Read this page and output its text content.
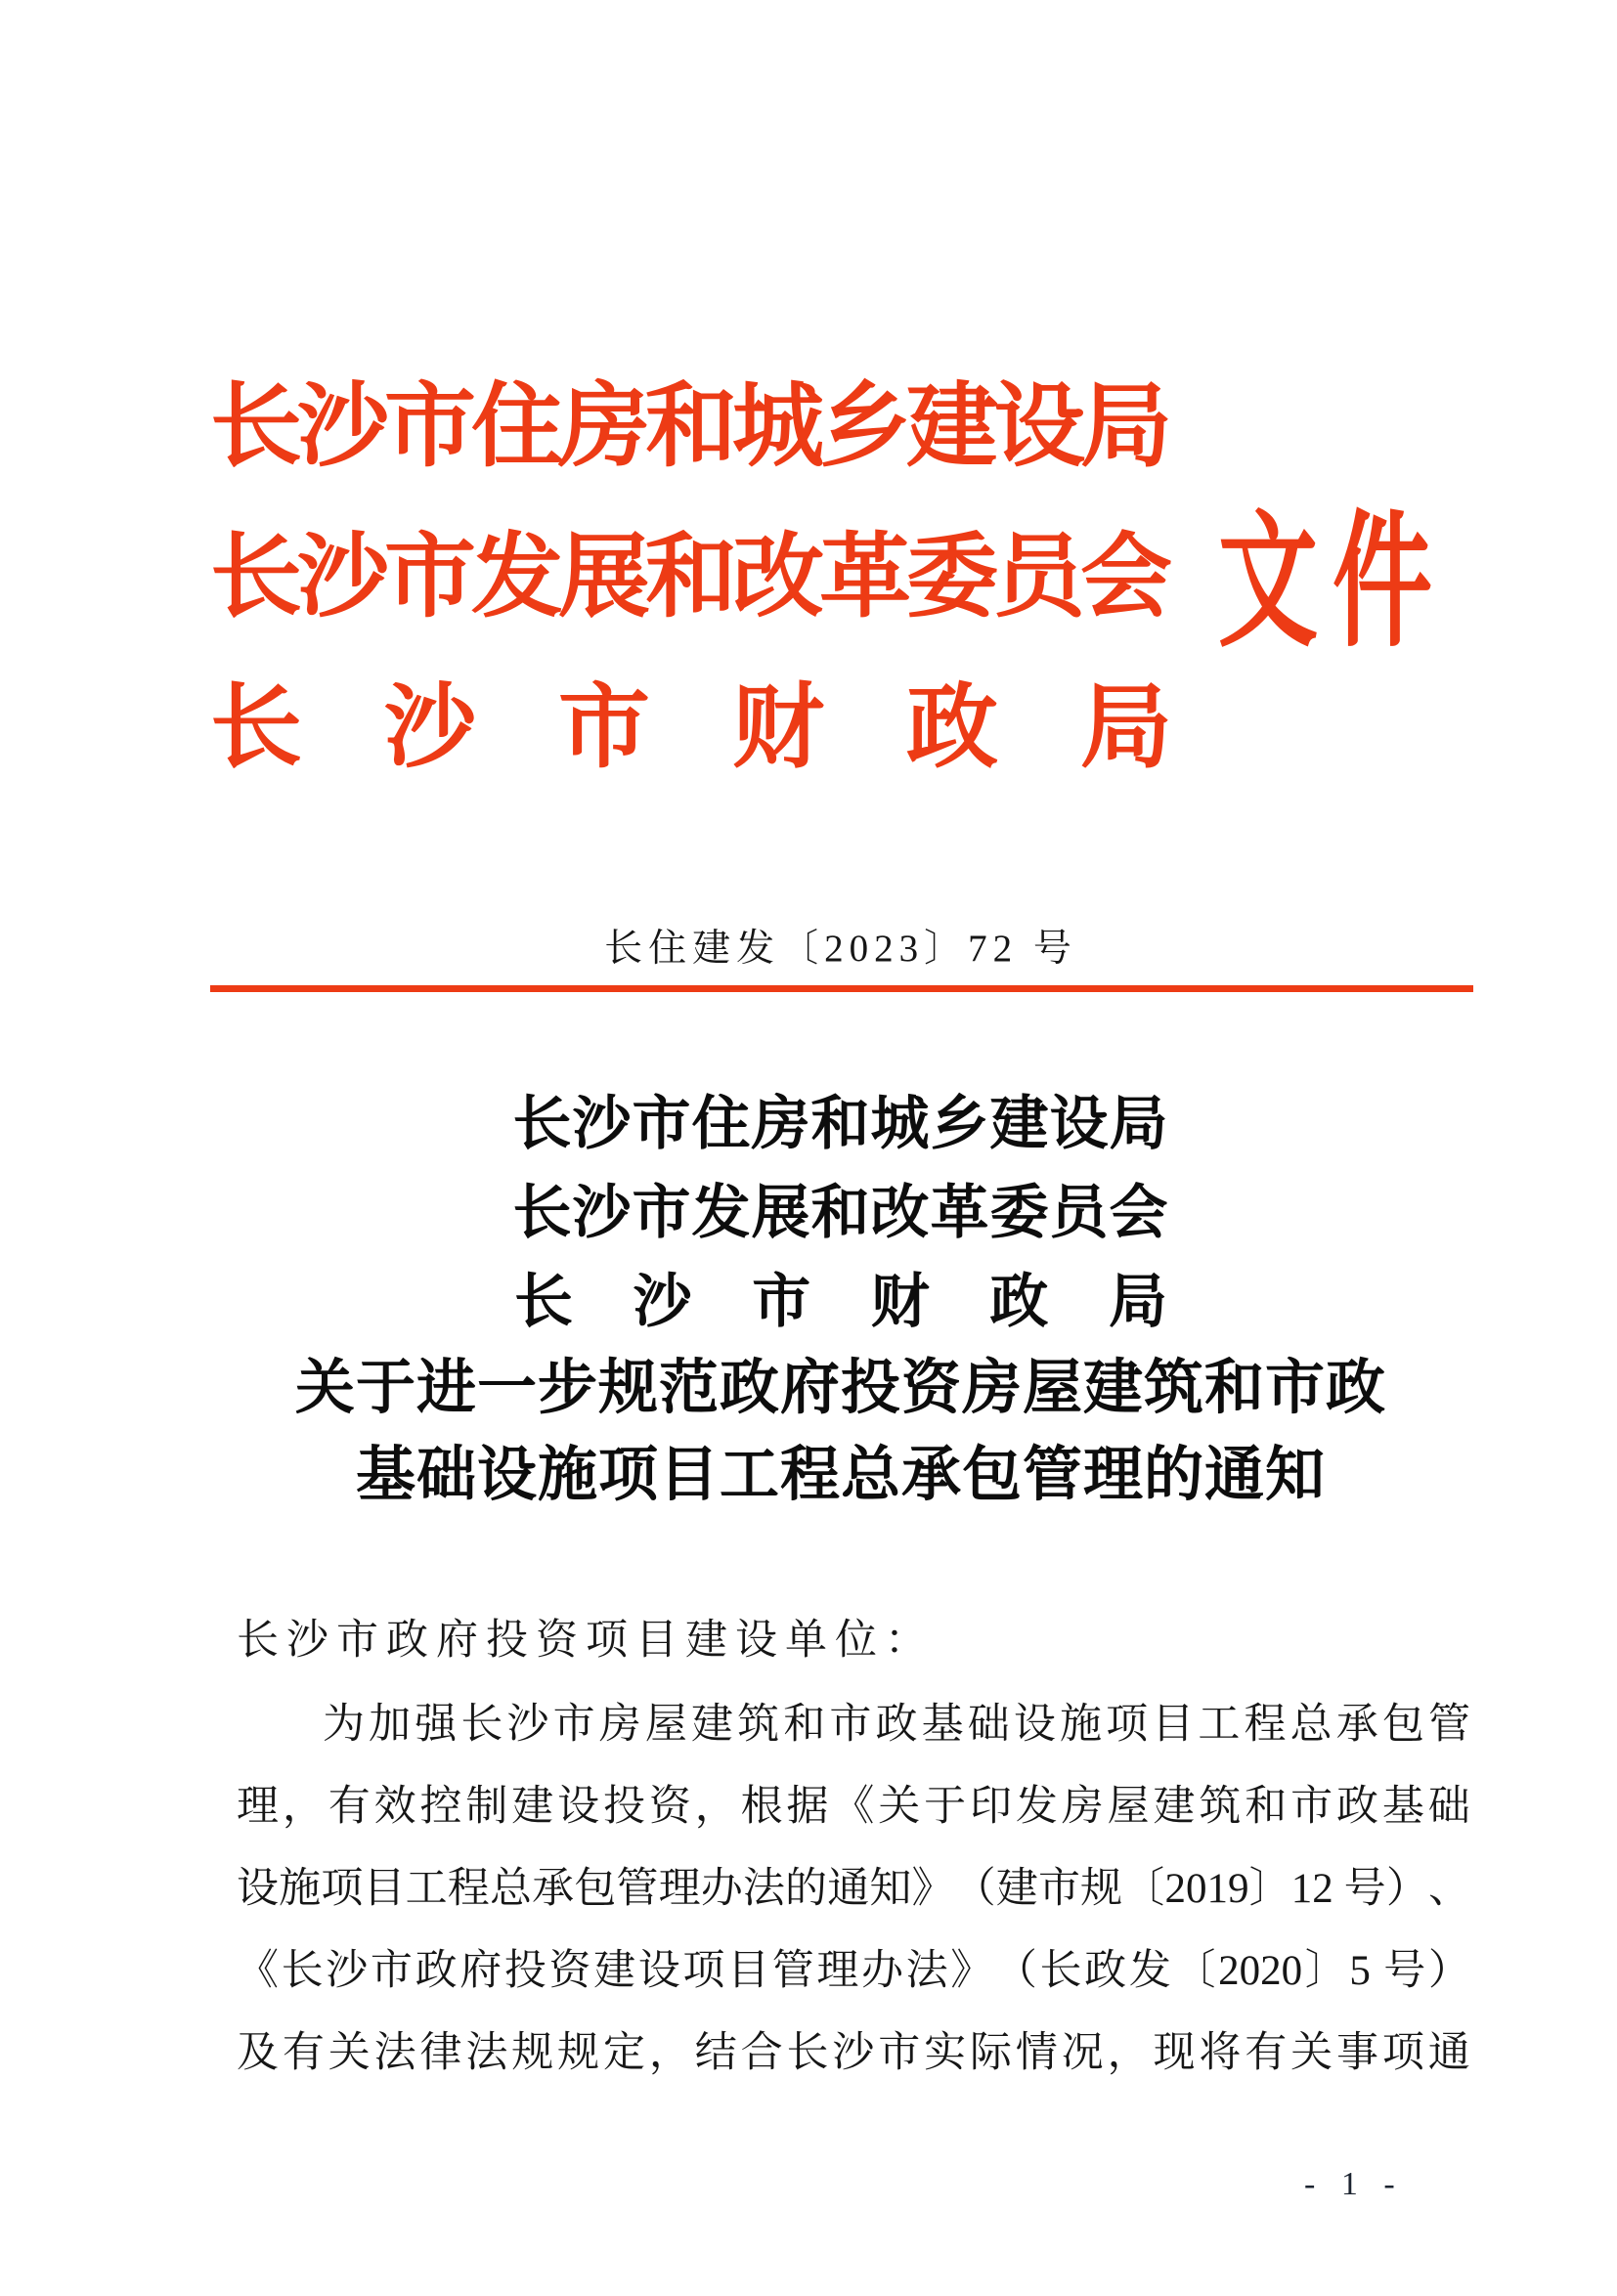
长沙市住房和城乡建设局
长沙市发展和改革委员会
长 沙 市 财 政 局
文件
长住建发〔2023〕72 号
长沙市住房和城乡建设局
长沙市发展和改革委员会
长 沙 市 财 政 局
关于进一步规范政府投资房屋建筑和市政
基础设施项目工程总承包管理的通知
长沙市政府投资项目建设单位：
为 加 强 长 沙 市 房 屋 建 筑 和 市 政 基 础 设 施 项 目 工 程 总 承 包 管
理 ， 有 效 控 制 建 设 投 资 ， 根 据 《 关 于 印 发 房 屋 建 筑 和 市 政 基 础
设 施 项 目 工 程 总 承 包 管 理 办 法 的 通 知 》 （ 建 市 规 〔 2019 〕 12 号 ） 、
《 长 沙 市 政 府 投 资 建 设 项 目 管 理 办 法 》 （ 长 政 发 〔 2020 〕 5 号 ）
及 有 关 法 律 法 规 规 定 ， 结 合 长 沙 市 实 际 情 况 ， 现 将 有 关 事 项 通
- 1 -
